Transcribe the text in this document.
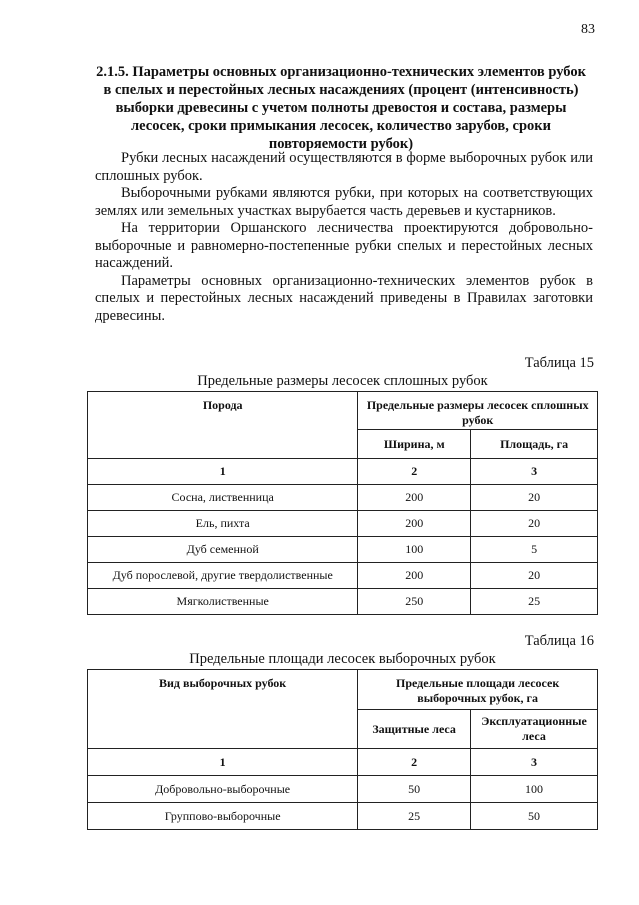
83
2.1.5. Параметры основных организационно-технических элементов рубок в спелых и перестойных лесных насаждениях (процент (интенсивность) выборки древесины с учетом полноты древостоя и состава, размеры лесосек, сроки примыкания лесосек, количество зарубов, сроки повторяемости рубок)

Рубки лесных насаждений осуществляются в форме выборочных рубок или сплошных рубок.

Выборочными рубками являются рубки, при которых на соответствующих землях или земельных участках вырубается часть деревьев и кустарников.

На территории Оршанского лесничества проектируются добровольно-выборочные и равномерно-постепенные рубки спелых и перестойных лесных насаждений.

Параметры основных организационно-технических элементов рубок в спелых и перестойных лесных насаждений приведены в Правилах заготовки древесины.

Таблица 15
Предельные размеры лесосек сплошных рубок
Порода	Предельные размеры лесосек сплошных рубок	
	Ширина, м	Площадь, га
1	2	3
Сосна, лиственница	200	20
Ель, пихта	200	20
Дуб семенной	100	5
Дуб порослевой, другие твердолиственные	200	20
Мягколиственные	250	25
Таблица 16
Предельные площади лесосек выборочных рубок
Вид выборочных рубок	Предельные площади лесосек выборочных рубок, га	
	Защитные леса	Эксплуатационные леса
1	2	3
Добровольно-выборочные	50	100
Группово-выборочные	25	50
